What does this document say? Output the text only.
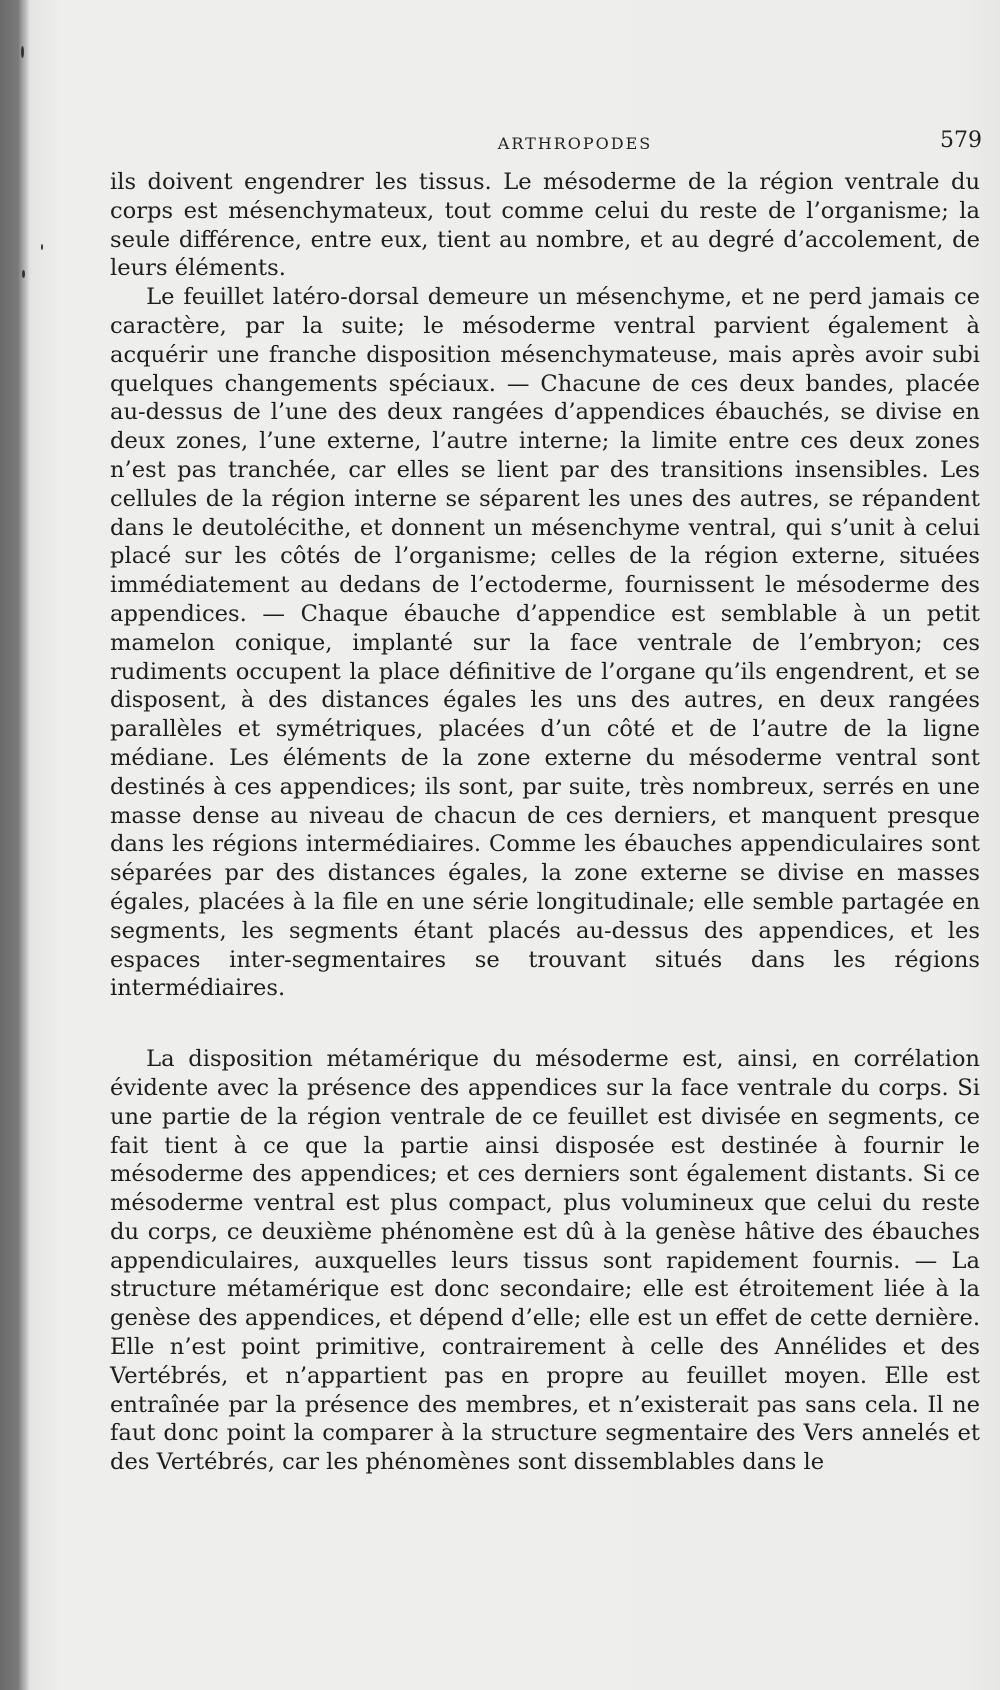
ARTHROPODES	579

ils doivent engendrer les tissus. Le mésoderme de la région ventrale du corps est mésenchymateux, tout comme celui du reste de l’organisme; la seule différence, entre eux, tient au nombre, et au degré d’accolement, de leurs éléments.

Le feuillet latéro-dorsal demeure un mésenchyme, et ne perd jamais ce caractère, par la suite; le mésoderme ventral parvient également à acquérir une franche disposition mésenchymateuse, mais après avoir subi quelques changements spéciaux. — Chacune de ces deux bandes, placée au-dessus de l’une des deux rangées d’appendices ébauchés, se divise en deux zones, l’une externe, l’autre interne; la limite entre ces deux zones n’est pas tranchée, car elles se lient par des transitions insensibles. Les cellules de la région interne se séparent les unes des autres, se répandent dans le deutolécithe, et donnent un mésenchyme ventral, qui s’unit à celui placé sur les côtés de l’organisme; celles de la région externe, situées immédiatement au dedans de l’ectoderme, fournissent le mésoderme des appendices. — Chaque ébauche d’appendice est semblable à un petit mamelon conique, implanté sur la face ventrale de l’embryon; ces rudiments occupent la place définitive de l’organe qu’ils engendrent, et se disposent, à des distances égales les uns des autres, en deux rangées parallèles et symétriques, placées d’un côté et de l’autre de la ligne médiane. Les éléments de la zone externe du mésoderme ventral sont destinés à ces appendices; ils sont, par suite, très nombreux, serrés en une masse dense au niveau de chacun de ces derniers, et manquent presque dans les régions intermédiaires. Comme les ébauches appendiculaires sont séparées par des distances égales, la zone externe se divise en masses égales, placées à la file en une série longitudinale; elle semble partagée en segments, les segments étant placés au-dessus des appendices, et les espaces inter-segmentaires se trouvant situés dans les régions intermédiaires.

La disposition métamérique du mésoderme est, ainsi, en corrélation évidente avec la présence des appendices sur la face ventrale du corps. Si une partie de la région ventrale de ce feuillet est divisée en segments, ce fait tient à ce que la partie ainsi disposée est destinée à fournir le mésoderme des appendices; et ces derniers sont également distants. Si ce mésoderme ventral est plus compact, plus volumineux que celui du reste du corps, ce deuxième phénomène est dû à la genèse hâtive des ébauches appendiculaires, auxquelles leurs tissus sont rapidement fournis. — La structure métamérique est donc secondaire; elle est étroitement liée à la genèse des appendices, et dépend d’elle; elle est un effet de cette dernière. Elle n’est point primitive, contrairement à celle des Annélides et des Vertébrés, et n’appartient pas en propre au feuillet moyen. Elle est entraînée par la présence des membres, et n’existerait pas sans cela. Il ne faut donc point la comparer à la structure segmentaire des Vers annelés et des Vertébrés, car les phénomènes sont dissemblables dans le
